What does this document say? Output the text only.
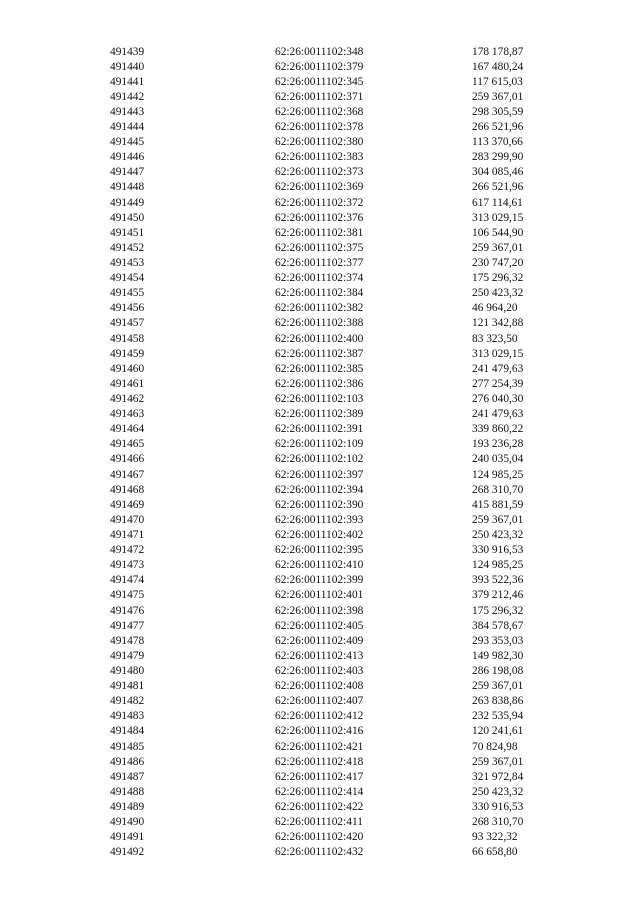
491439	62:26:0011102:348	178 178,87
491440	62:26:0011102:379	167 480,24
491441	62:26:0011102:345	117 615,03
491442	62:26:0011102:371	259 367,01
491443	62:26:0011102:368	298 305,59
491444	62:26:0011102:378	266 521,96
491445	62:26:0011102:380	113 370,66
491446	62:26:0011102:383	283 299,90
491447	62:26:0011102:373	304 085,46
491448	62:26:0011102:369	266 521,96
491449	62:26:0011102:372	617 114,61
491450	62:26:0011102:376	313 029,15
491451	62:26:0011102:381	106 544,90
491452	62:26:0011102:375	259 367,01
491453	62:26:0011102:377	230 747,20
491454	62:26:0011102:374	175 296,32
491455	62:26:0011102:384	250 423,32
491456	62:26:0011102:382	46 964,20
491457	62:26:0011102:388	121 342,88
491458	62:26:0011102:400	83 323,50
491459	62:26:0011102:387	313 029,15
491460	62:26:0011102:385	241 479,63
491461	62:26:0011102:386	277 254,39
491462	62:26:0011102:103	276 040,30
491463	62:26:0011102:389	241 479,63
491464	62:26:0011102:391	339 860,22
491465	62:26:0011102:109	193 236,28
491466	62:26:0011102:102	240 035,04
491467	62:26:0011102:397	124 985,25
491468	62:26:0011102:394	268 310,70
491469	62:26:0011102:390	415 881,59
491470	62:26:0011102:393	259 367,01
491471	62:26:0011102:402	250 423,32
491472	62:26:0011102:395	330 916,53
491473	62:26:0011102:410	124 985,25
491474	62:26:0011102:399	393 522,36
491475	62:26:0011102:401	379 212,46
491476	62:26:0011102:398	175 296,32
491477	62:26:0011102:405	384 578,67
491478	62:26:0011102:409	293 353,03
491479	62:26:0011102:413	149 982,30
491480	62:26:0011102:403	286 198,08
491481	62:26:0011102:408	259 367,01
491482	62:26:0011102:407	263 838,86
491483	62:26:0011102:412	232 535,94
491484	62:26:0011102:416	120 241,61
491485	62:26:0011102:421	70 824,98
491486	62:26:0011102:418	259 367,01
491487	62:26:0011102:417	321 972,84
491488	62:26:0011102:414	250 423,32
491489	62:26:0011102:422	330 916,53
491490	62:26:0011102:411	268 310,70
491491	62:26:0011102:420	93 322,32
491492	62:26:0011102:432	66 658,80
